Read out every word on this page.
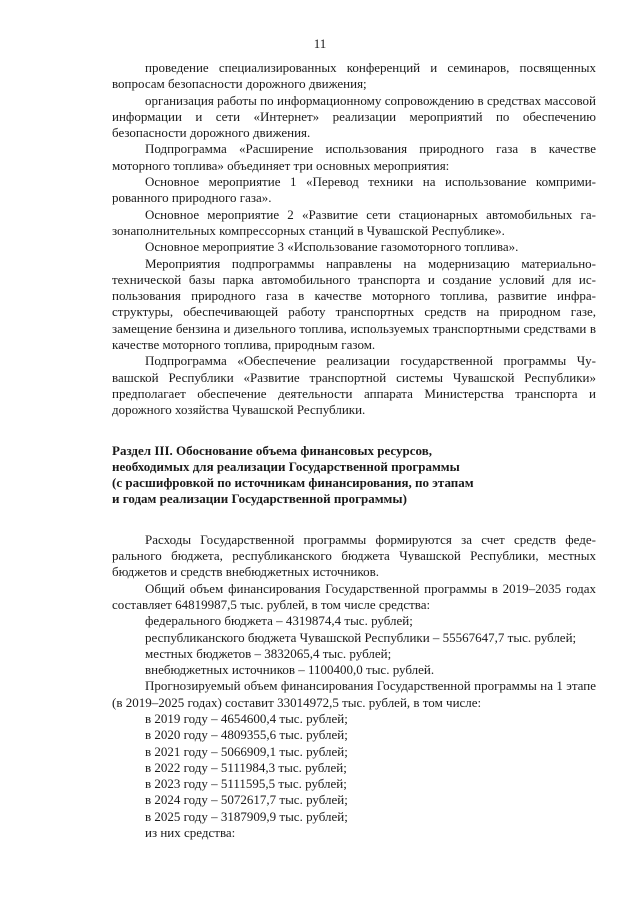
11

проведение специализированных конференций и семинаров, посвященных вопросам безопасности дорожного движения;

организация работы по информационному сопровождению в средствах массовой информации и сети «Интернет» реализации мероприятий по обеспечению безопасности дорожного движения.

Подпрограмма «Расширение использования природного газа в качестве моторного топлива» объединяет три основных мероприятия:

Основное мероприятие 1 «Перевод техники на использование компримированного природного газа».

Основное мероприятие 2 «Развитие сети стационарных автомобильных газонаполнительных компрессорных станций в Чувашской Республике».

Основное мероприятие 3 «Использование газомоторного топлива».

Мероприятия подпрограммы направлены на модернизацию материально-технической базы парка автомобильного транспорта и создание условий для использования природного газа в качестве моторного топлива, развитие инфраструктуры, обеспечивающей работу транспортных средств на природном газе, замещение бензина и дизельного топлива, используемых транспортными средствами в качестве моторного топлива, природным газом.

Подпрограмма «Обеспечение реализации государственной программы Чувашской Республики «Развитие транспортной системы Чувашской Республики» предполагает обеспечение деятельности аппарата Министерства транспорта и дорожного хозяйства Чувашской Республики.

Раздел III. Обоснование объема финансовых ресурсов,

необходимых для реализации Государственной программы

(с расшифровкой по источникам финансирования, по этапам

и годам реализации Государственной программы)

Расходы Государственной программы формируются за счет средств федерального бюджета, республиканского бюджета Чувашской Республики, местных бюджетов и средств внебюджетных источников.

Общий объем финансирования Государственной программы в 2019–2035 годах составляет 64819987,5 тыс. рублей, в том числе средства:

федерального бюджета – 4319874,4 тыс. рублей;

республиканского бюджета Чувашской Республики – 55567647,7 тыс. рублей;

местных бюджетов – 3832065,4 тыс. рублей;

внебюджетных источников – 1100400,0 тыс. рублей.

Прогнозируемый объем финансирования Государственной программы на 1 этапе (в 2019–2025 годах) составит 33014972,5 тыс. рублей, в том числе:

в 2019 году – 4654600,4 тыс. рублей;

в 2020 году – 4809355,6 тыс. рублей;

в 2021 году – 5066909,1 тыс. рублей;

в 2022 году – 5111984,3 тыс. рублей;

в 2023 году – 5111595,5 тыс. рублей;

в 2024 году – 5072617,7 тыс. рублей;

в 2025 году – 3187909,9 тыс. рублей;

из них средства:
